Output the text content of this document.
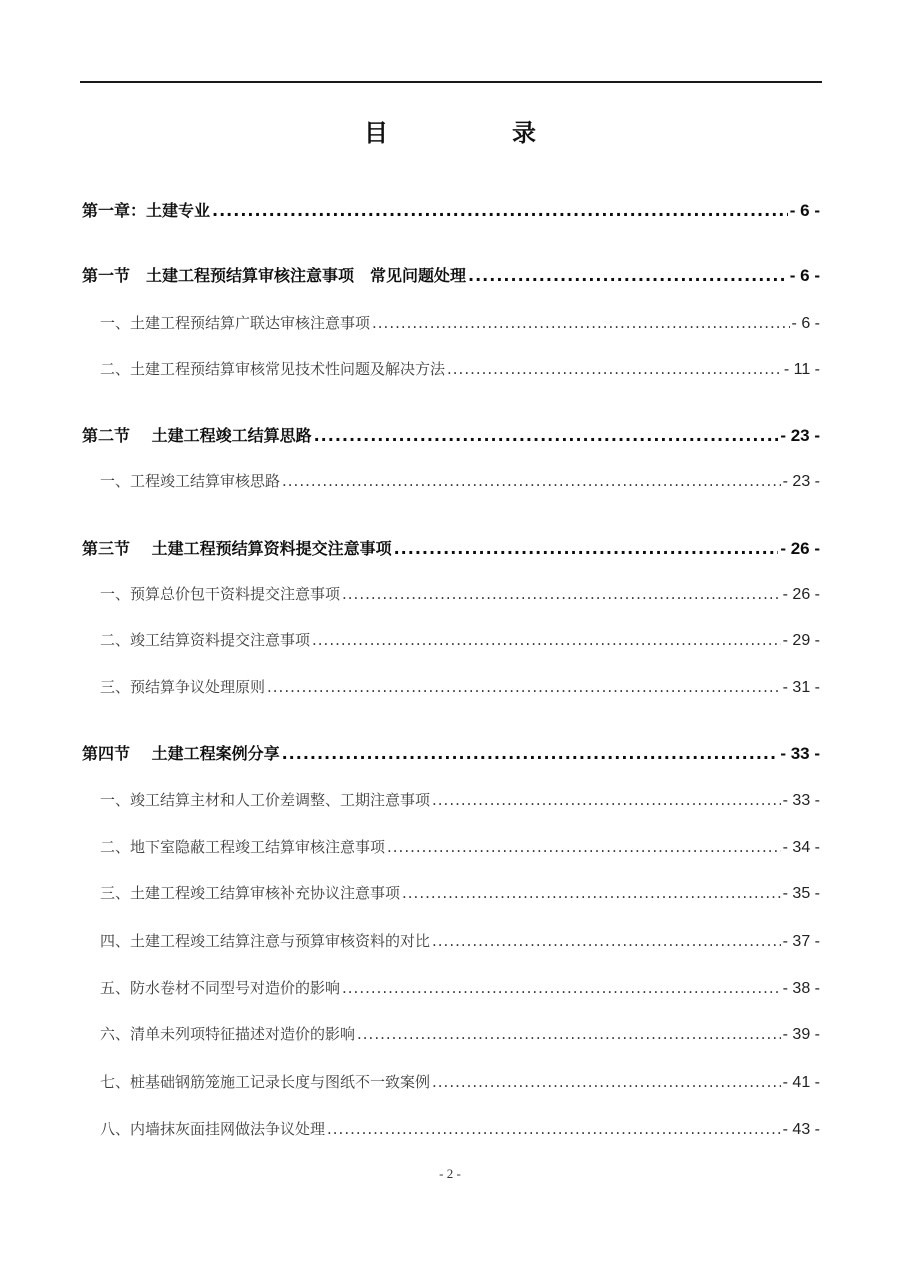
目　录
第一章：土建专业 .....	- 6 -
第一节　土建工程预结算审核注意事项　常见问题处理 .....	- 6 -
一、土建工程预结算广联达审核注意事项 .....	- 6 -
二、土建工程预结算审核常见技术性问题及解决方法 .....	- 11 -
第二节　 土建工程竣工结算思路 .....	- 23 -
一、工程竣工结算审核思路 .....	- 23 -
第三节　 土建工程预结算资料提交注意事项 .....	- 26 -
一、预算总价包干资料提交注意事项 .....	- 26 -
二、竣工结算资料提交注意事项 .....	- 29 -
三、预结算争议处理原则 .....	- 31 -
第四节　 土建工程案例分享 .....	- 33 -
一、竣工结算主材和人工价差调整、工期注意事项 .....	- 33 -
二、地下室隐蔽工程竣工结算审核注意事项 .....	- 34 -
三、土建工程竣工结算审核补充协议注意事项 .....	- 35 -
四、土建工程竣工结算注意与预算审核资料的对比 .....	- 37 -
五、防水卷材不同型号对造价的影响 .....	- 38 -
六、清单未列项特征描述对造价的影响 .....	- 39 -
七、桩基础钢筋笼施工记录长度与图纸不一致案例 .....	- 41 -
八、内墙抹灰面挂网做法争议处理 .....	- 43 -
- 2 -
